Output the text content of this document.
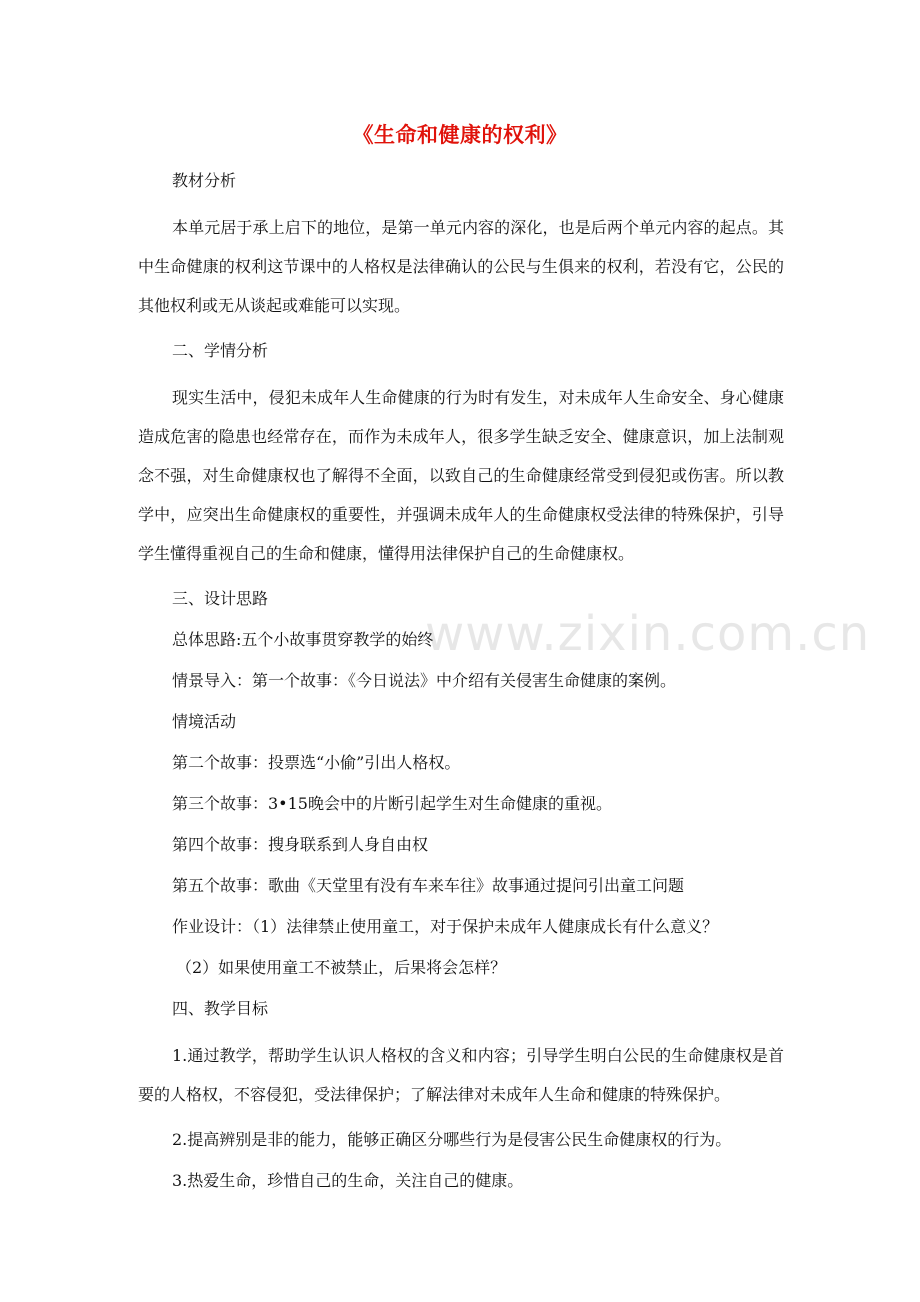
《生命和健康的权利》
教材分析
本单元居于承上启下的地位，是第一单元内容的深化，也是后两个单元内容的起点。其中生命健康的权利这节课中的人格权是法律确认的公民与生俱来的权利，若没有它，公民的其他权利或无从谈起或难能可以实现。
二、学情分析
现实生活中，侵犯未成年人生命健康的行为时有发生，对未成年人生命安全、身心健康造成危害的隐患也经常存在，而作为未成年人，很多学生缺乏安全、健康意识，加上法制观念不强，对生命健康权也了解得不全面，以致自己的生命健康经常受到侵犯或伤害。所以教学中，应突出生命健康权的重要性，并强调未成年人的生命健康权受法律的特殊保护，引导学生懂得重视自己的生命和健康，懂得用法律保护自己的生命健康权。
三、设计思路
总体思路:五个小故事贯穿教学的始终
情景导入：第一个故事：《今日说法》中介绍有关侵害生命健康的案例。
情境活动
第二个故事：投票选“小偷”引出人格权。
第三个故事：3•15晚会中的片断引起学生对生命健康的重视。
第四个故事：搜身联系到人身自由权
第五个故事：歌曲《天堂里有没有车来车往》故事通过提问引出童工问题
作业设计：（1）法律禁止使用童工，对于保护未成年人健康成长有什么意义？
（2）如果使用童工不被禁止，后果将会怎样？
四、教学目标
1.通过教学，帮助学生认识人格权的含义和内容；引导学生明白公民的生命健康权是首要的人格权，不容侵犯，受法律保护；了解法律对未成年人生命和健康的特殊保护。
2.提高辨别是非的能力，能够正确区分哪些行为是侵害公民生命健康权的行为。
3.热爱生命，珍惜自己的生命，关注自己的健康。
www.zixin.com.cn
